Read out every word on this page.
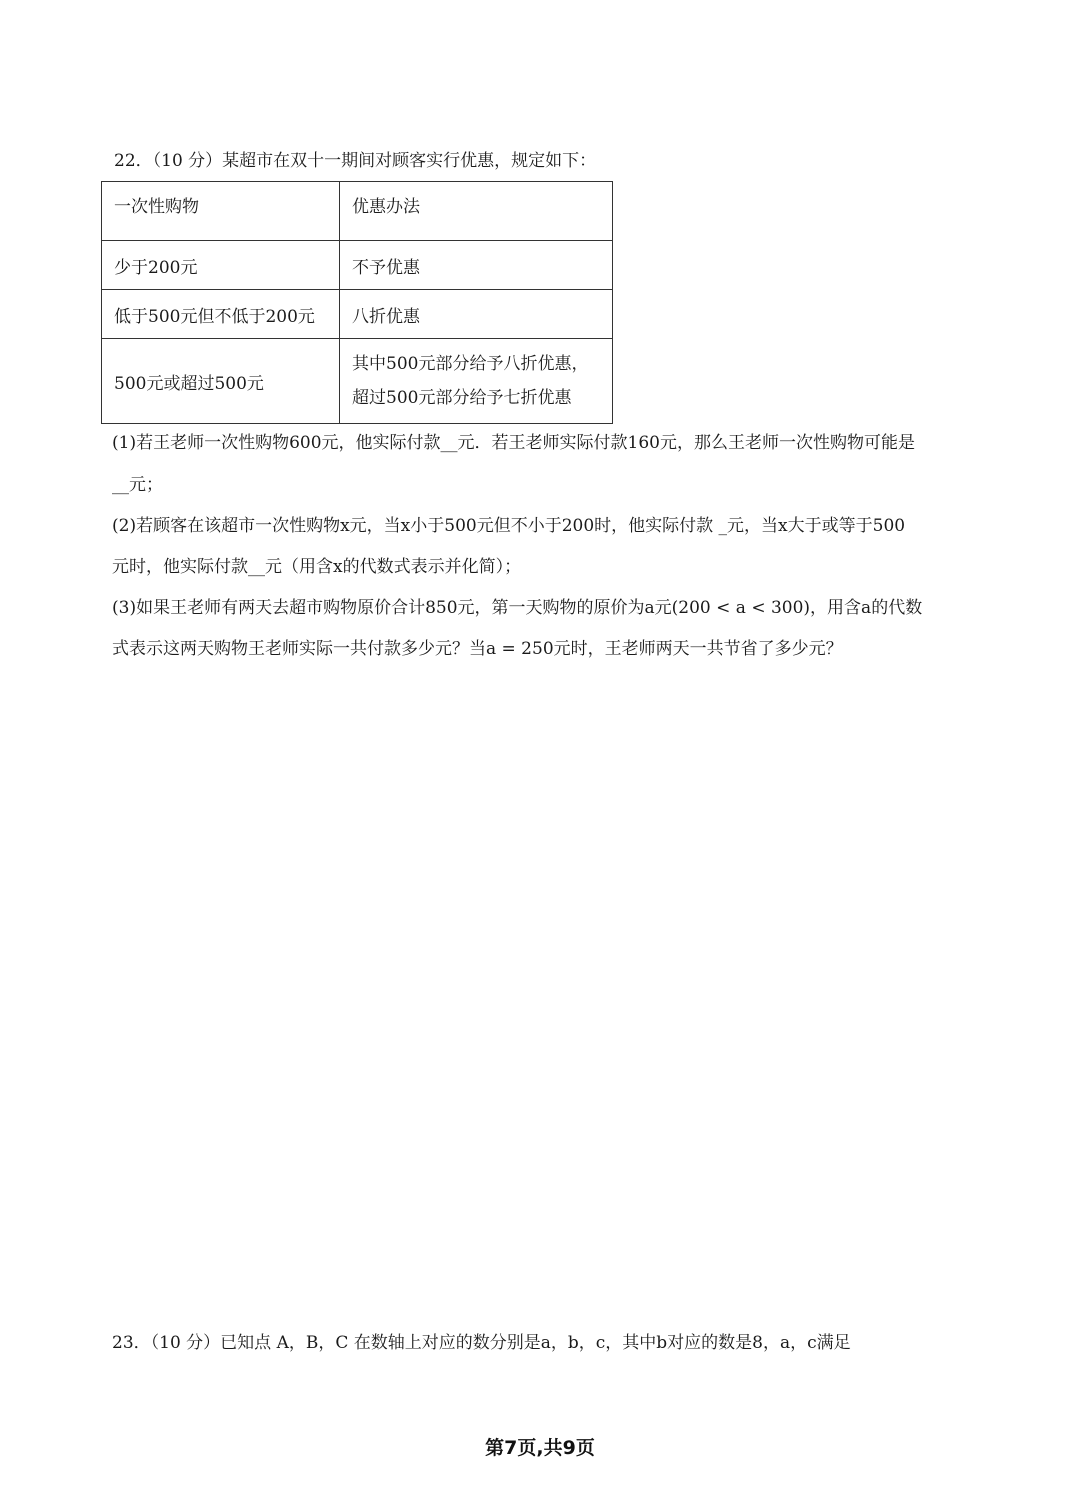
22．（10 分）某超市在双十一期间对顾客实行优惠，规定如下：
一次性购物	优惠办法
少于200元	不予优惠
低于500元但不低于200元	八折优惠
500元或超过500元	其中500元部分给予八折优惠，
超过500元部分给予七折优惠
(1)若王老师一次性购物600元，他实际付款__元．若王老师实际付款160元，那么王老师一次性购物可能是
__元；
(2)若顾客在该超市一次性购物x元，当x小于500元但不小于200时，他实际付款 _元，当x大于或等于500
元时，他实际付款__元（用含x的代数式表示并化简）；
(3)如果王老师有两天去超市购物原价合计850元，第一天购物的原价为a元(200 < a < 300)，用含a的代数
式表示这两天购物王老师实际一共付款多少元？当a = 250元时，王老师两天一共节省了多少元？
23．（10 分）已知点 A，B，C 在数轴上对应的数分别是a，b，c，其中b对应的数是8，a，c满足
第7页,共9页
